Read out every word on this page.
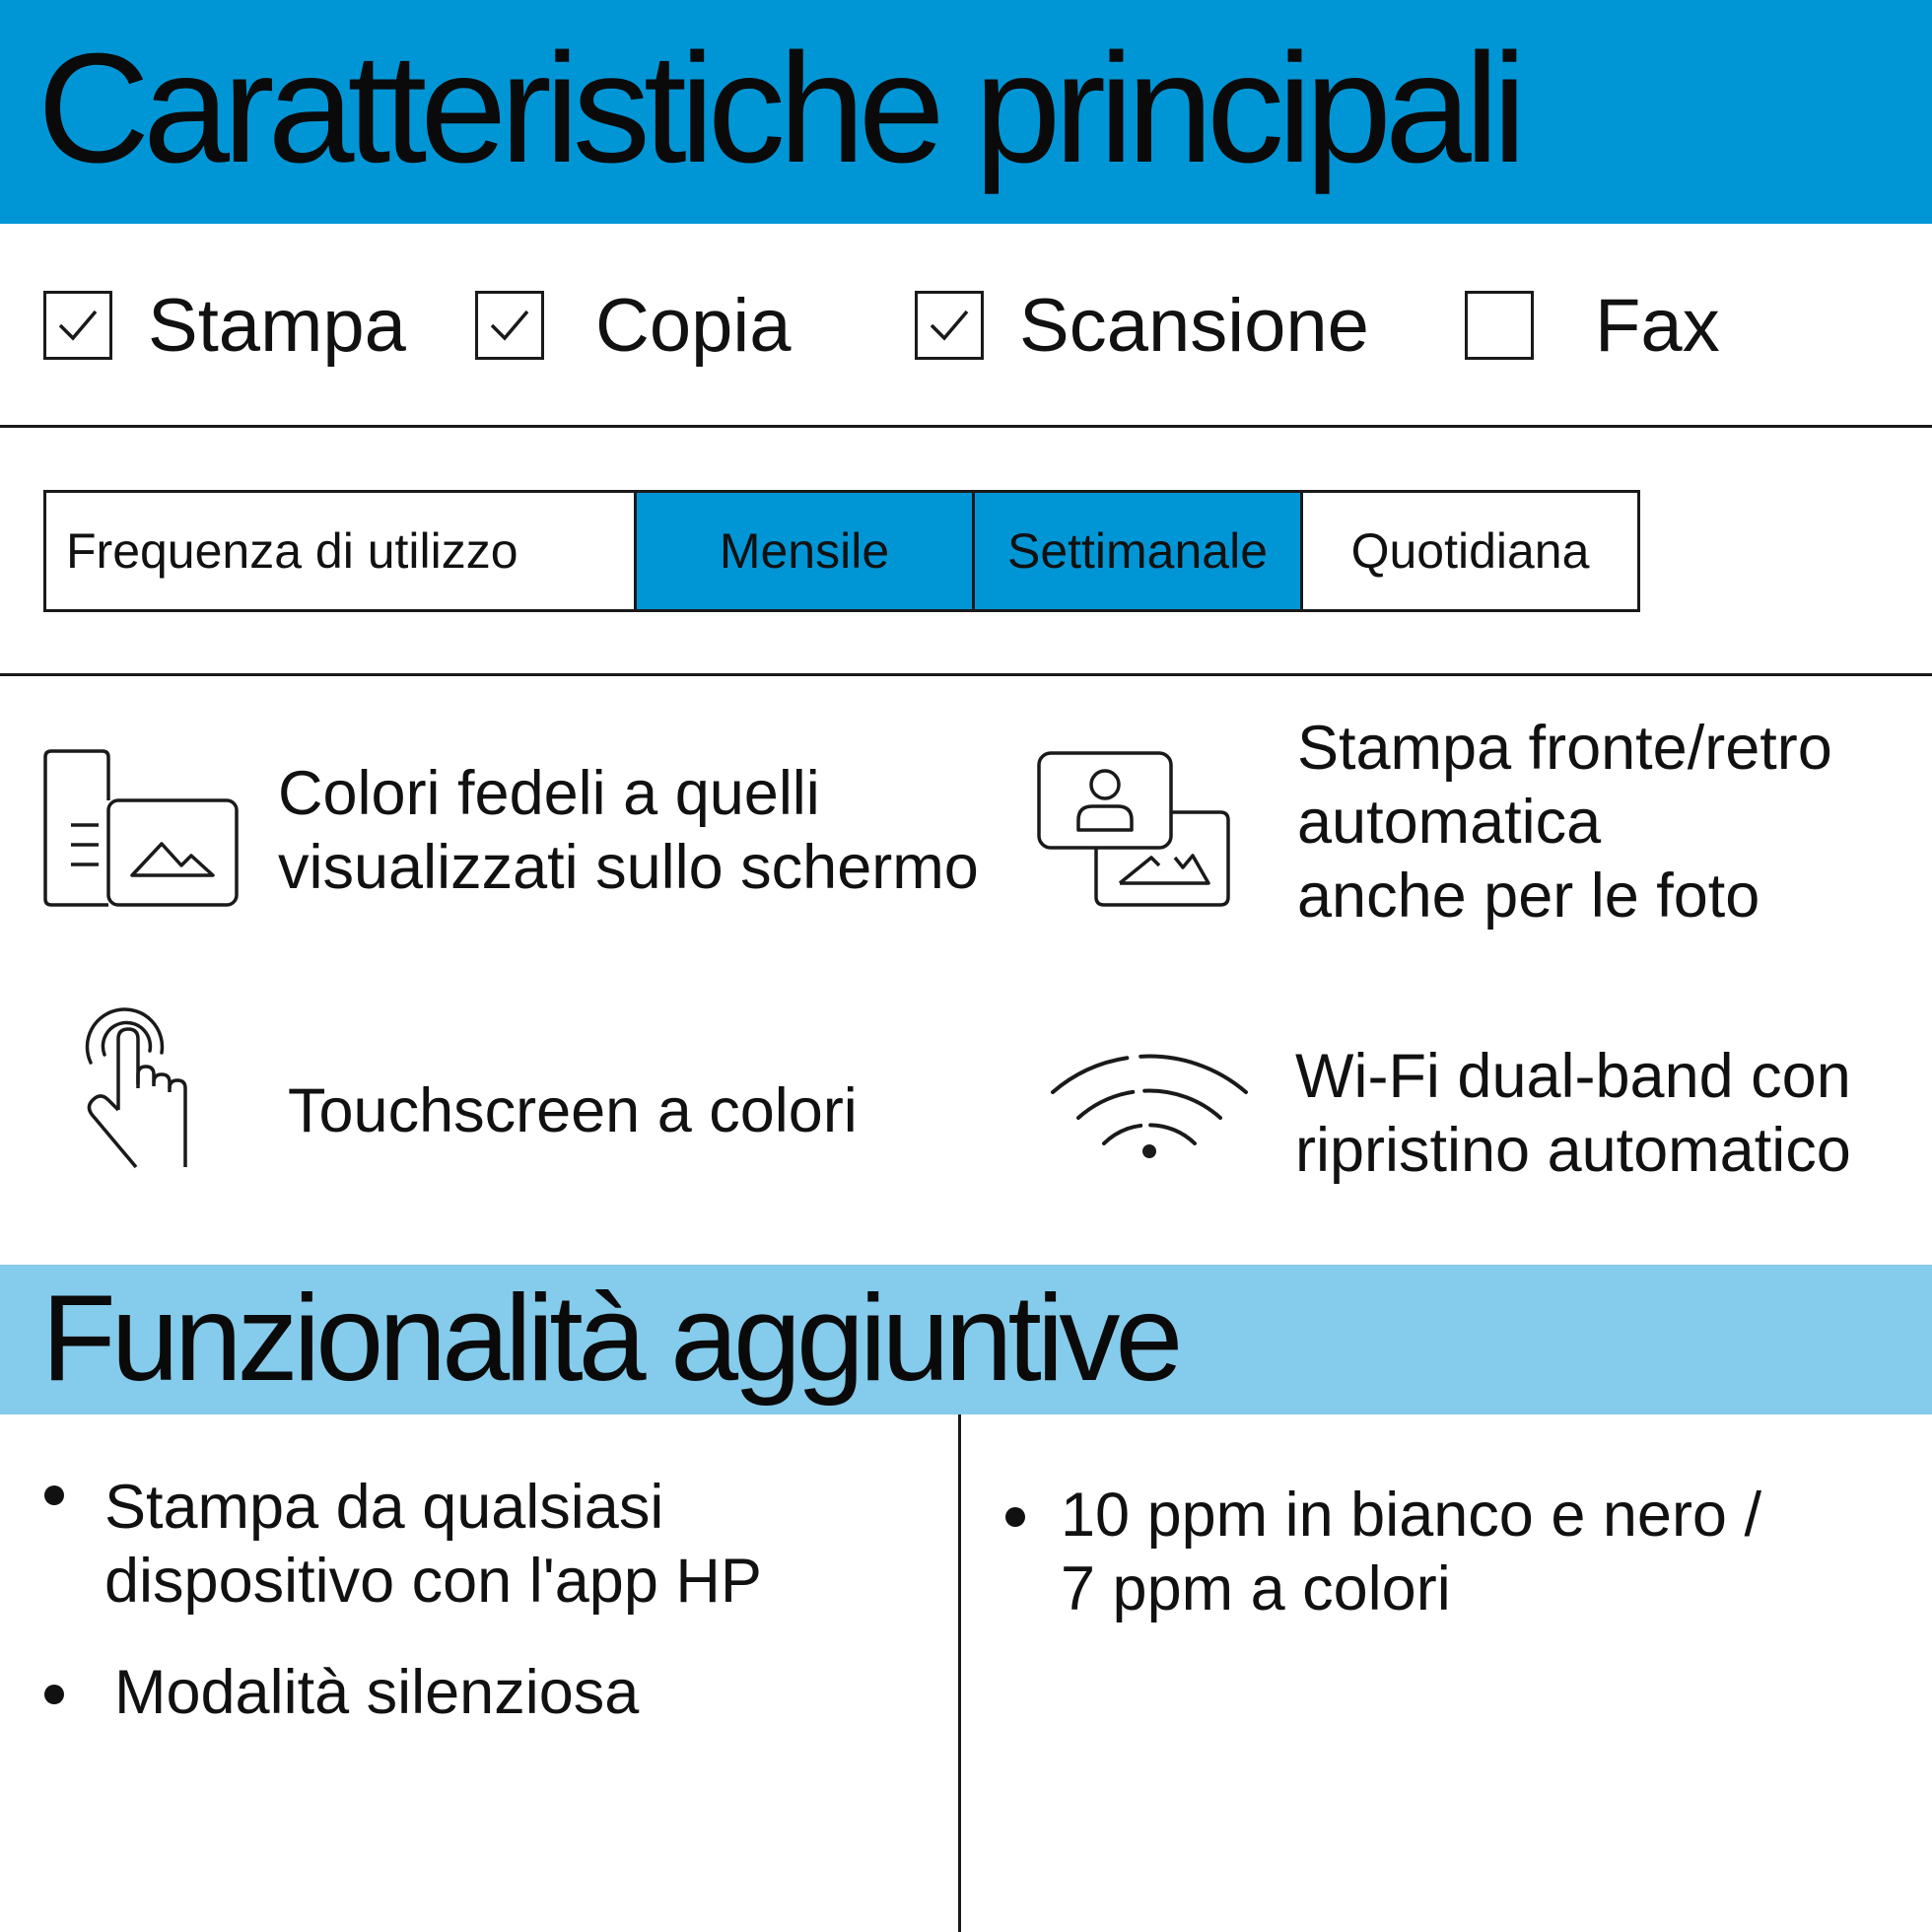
Caratteristiche principali
Stampa	Copia	Scansione	Fax
Frequenza di utilizzo	Mensile	Settimanale	Quotidiana
Colori fedeli a quelli
visualizzati sullo schermo
Stampa fronte/retro
automatica
anche per le foto
Touchscreen a colori	Wi-Fi dual-band con
ripristino automatico
Funzionalità aggiuntive
Stampa da qualsiasi
dispositivo con l'app HP
Modalità silenziosa
10 ppm in bianco e nero /
7 ppm a colori
